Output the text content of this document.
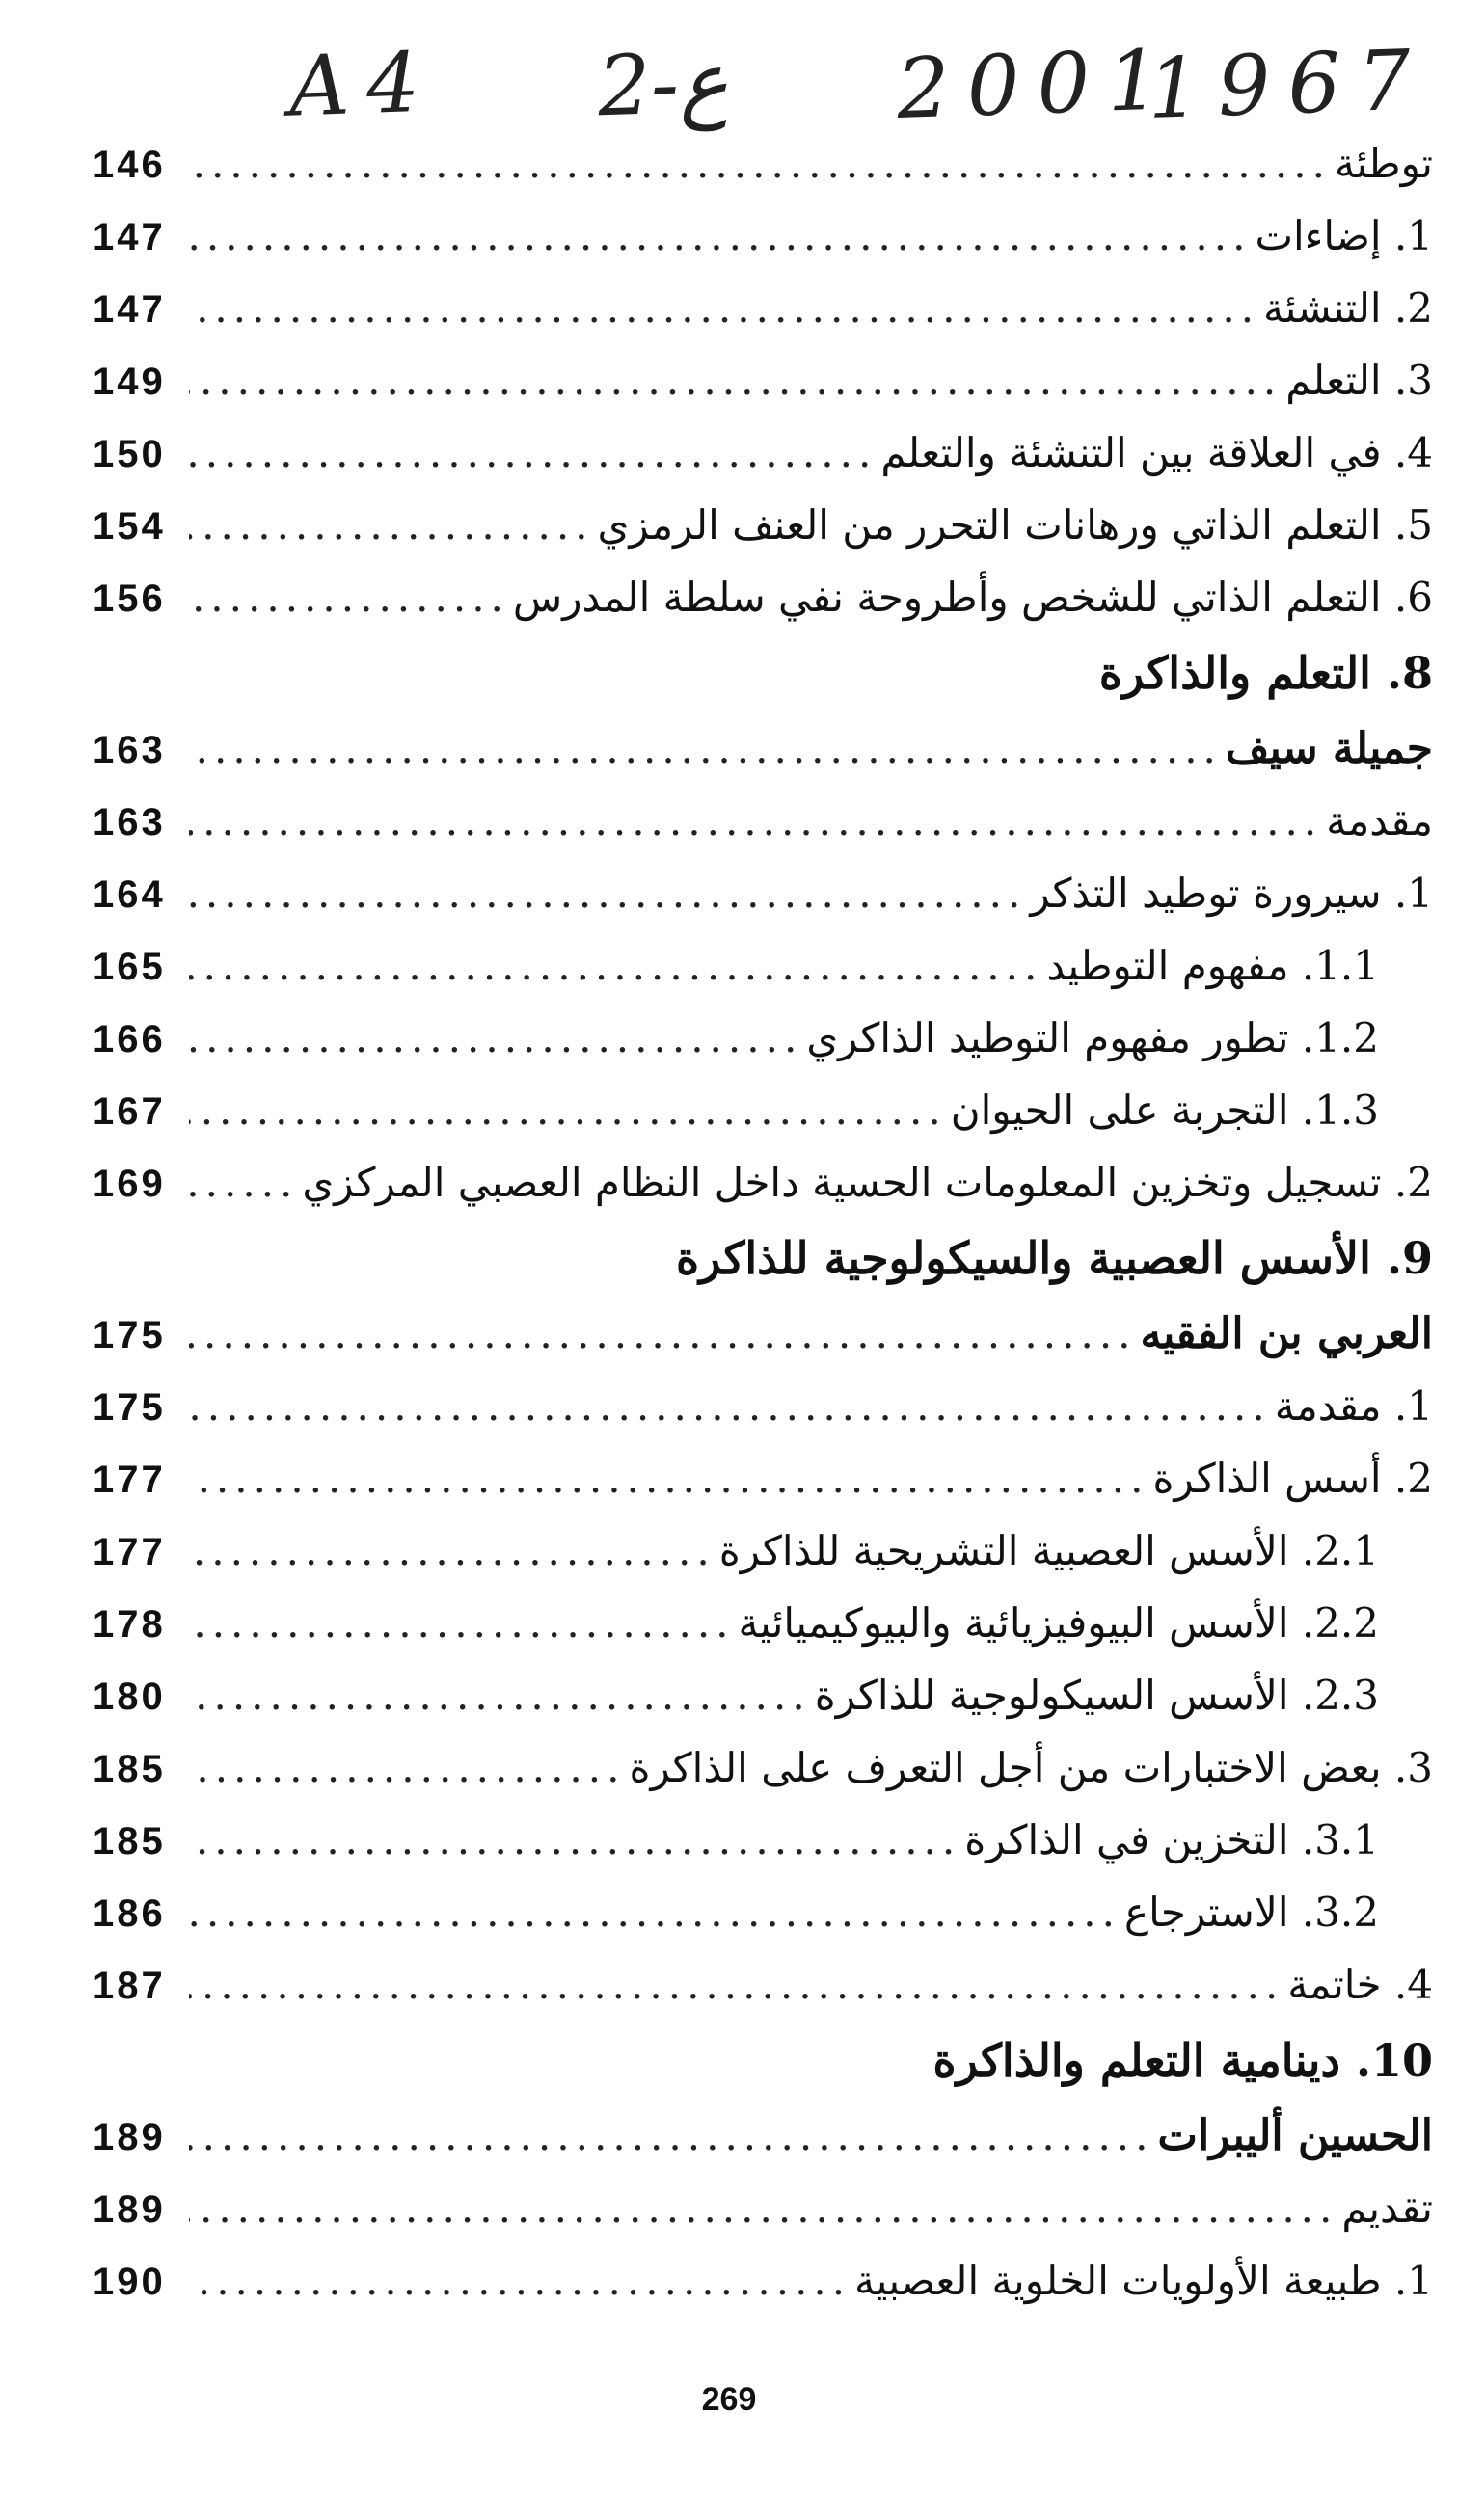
A4 2-ع 2001
1967
توطئة
.....
146
1. إضاءات
.....
147
2. التنشئة
.....
147
3. التعلم
.....
149
4. في العلاقة بين التنشئة والتعلم
.....
150
5. التعلم الذاتي ورهانات التحرر من العنف الرمزي
.....
154
6. التعلم الذاتي للشخص وأطروحة نفي سلطة المدرس
.....
156
8. التعلم والذاكرة
جميلة سيف
.....
163
مقدمة
.....
163
1. سيرورة توطيد التذكر
.....
164
1.1. مفهوم التوطيد
.....
165
1.2. تطور مفهوم التوطيد الذاكري
.....
166
1.3. التجربة على الحيوان
.....
167
2. تسجيل وتخزين المعلومات الحسية داخل النظام العصبي المركزي
.....
169
9. الأسس العصبية والسيكولوجية للذاكرة
العربي بن الفقيه
.....
175
1. مقدمة
.....
175
2. أسس الذاكرة
.....
177
2.1. الأسس العصبية التشريحية للذاكرة
.....
177
2.2. الأسس البيوفيزيائية والبيوكيميائية
.....
178
2.3. الأسس السيكولوجية للذاكرة
.....
180
3. بعض الاختبارات من أجل التعرف على الذاكرة
.....
185
3.1. التخزين في الذاكرة
.....
185
3.2. الاسترجاع
.....
186
4. خاتمة
.....
187
10. دينامية التعلم والذاكرة
الحسين أليبرات
.....
189
تقديم
.....
189
1. طبيعة الأولويات الخلوية العصبية
.....
190
269
